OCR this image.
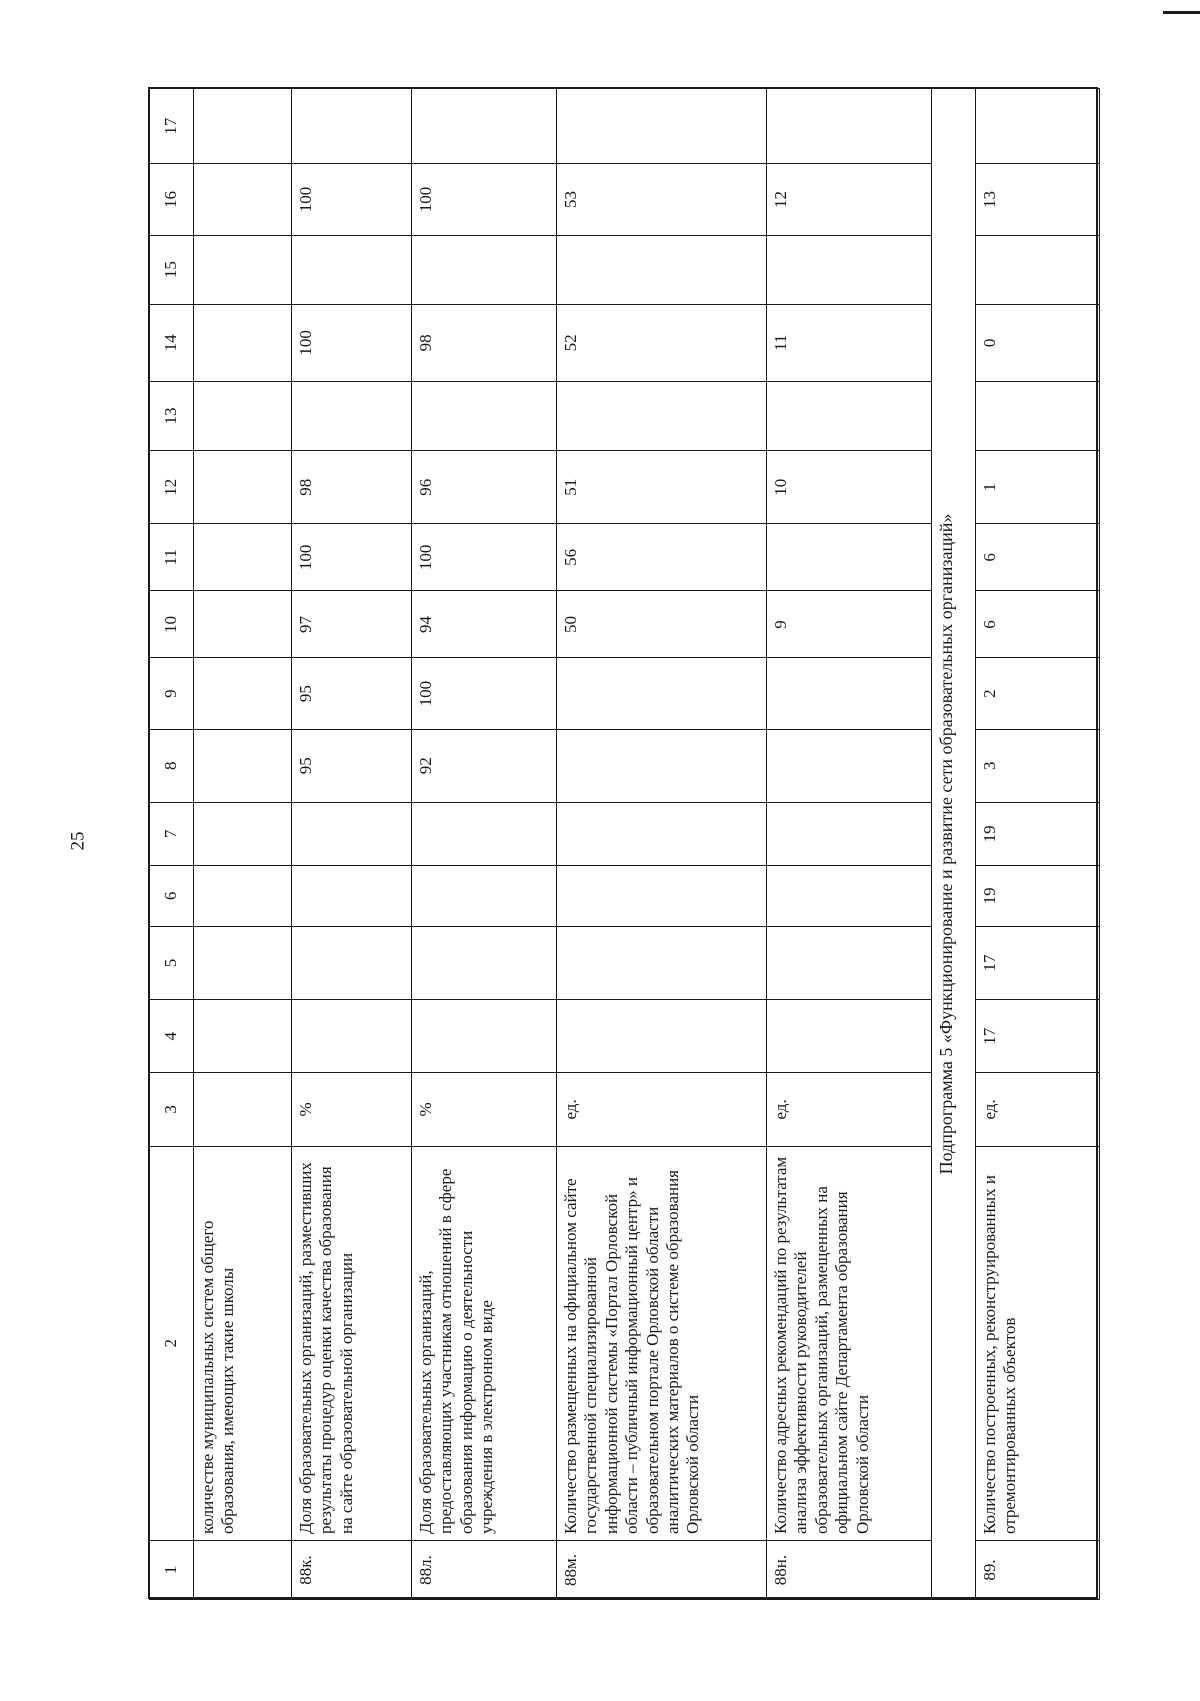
25
1	2	3	4	5	6	7	8	9	10	11	12	13	14	15	16	17
	количестве муниципальных систем общего образования, имеющих такие школы															
88к.	Доля образовательных организаций, разместивших результаты процедур оценки качества образования на сайте образовательной организации	%					95	95	97	100	98		100		100	
88л.	Доля образовательных организаций, предоставляющих участникам отношений в сфере образования информацию о деятельности учреждения в электронном виде	%					92	100	94	100	96		98		100	
88м.	Количество размещенных на официальном сайте государственной специализированной информационной системы «Портал Орловской области – публичный информационный центр» и образовательном портале Орловской области аналитических материалов о системе образования Орловской области	ед.							50	56	51		52		53	
88н.	Количество адресных рекомендаций по результатам анализа эффективности руководителей образовательных организаций, размещенных на официальном сайте Департамента образования Орловской области	ед.							9		10		11		12	
Подпрограмма 5 «Функционирование и развитие сети образовательных организаций»																
89.	Количество построенных, реконструированных и отремонтированных объектов	ед.	17	17	19	19	3	2	6	6	1		0		13	
